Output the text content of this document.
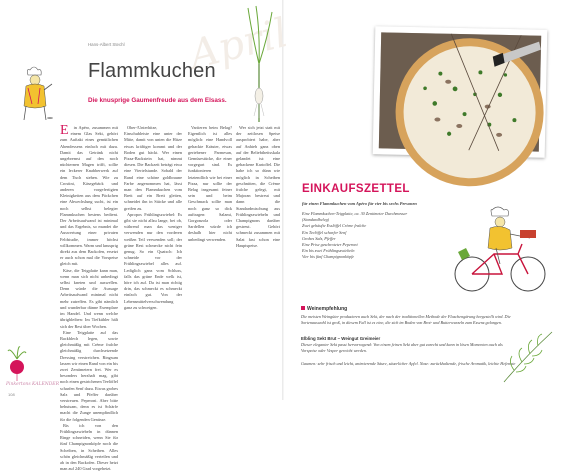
April
Hans-Albert Stechl
Flammkuchen
Die knusprige Gaumenfreude aus dem Elsass.
E	in Apéro, zusammen mit einem Glas Sekt, gehört zum Auftakt eines gemütlichen Abendessens einfach mit dazu. Damit das Getränk nicht ungebremst auf den noch nüchternen Magen trifft, sollte ein leckerer Knabberwerk auf dem Tisch stehen. Wie zu Crostini, Käsegebäck und anderen vorgefertigten Kleinigkeiten aus dem Päckchen eine Abwechslung sucht, ist ein noch selbst belegter Flammkuchen bestens bedient. Der Arbeitsaufwand ist minimal und das Ergebnis, so mundet die Auswertung einer privaten Feldstudie, immer höchst willkommen. Warm und knusprig direkt aus dem Backofen, ersetzt er auch schon mal die Vorspeise gleich mit.

Käse, die Teigplatte kann man, wenn man sich nicht unbedingt selbst kneten und auswellen. Denn würde die Aussage Arbeitsaufwand minimal nicht mehr zutreffen. Es gibt nämlich und wunderbar dünne Exemplare im Handel. Und wenn welche übrigbleiben: Im Tiefkühler hält sich der Rest über Wochen.

Eine Teigplatte auf das Backblech legen, sowie gleichmäßig mit Crème fraîche gleichmäßig durchsetzende Dressing verstreichen. Ringsum lassen wir einen Rand von ein bis zwei Zentimetern frei. Wer es besonders herzhaft mag, gibt noch einen gestrichenen Teelöffel scharfen Senf dazu. Etwas grobes Salz und Pfeffer darüber verstreuen. Peperoni. Aber bitte behutsam, denn es ist Schärfe macht die Zunge unempfindlich für die folgenden Genüsse.

Bis ich von den Frühlingszwiebeln in dünnen Ringe schneiden, wenn Sie für fünf Champignonköpfe noch die Scheiben, in Scheiben. Alles schön gleichmäßig verteilen und ab in den Backofen. Dieser heizt man auf 240 Grad vorgeheizt.

Ober-/Unterhitze, Einschubleiste eine unter der Mitte, damit von unten die Hitze etwas kräftiger kommt und der Boden gut bäckt. Wer einen Pizza-Backstein hat, nimmt diesen. Die Backzeit beträgt etwa eine Viertelstunde. Sobald der Rand eine schöne goldbraune Farbe angenommen hat, lässt man den Flammkuchen vom Brett auf ein Brett gleiten, schneidet ihn in Stücke und alle greifen zu.

Apropos Frühlingszwiebel: Es gibt sie nicht allzu lange, bei ob, während man das weniger verwenden nur den vorderen weißen Teil verwenden soll; der grüne Rest schmecke nicht fein genug. So ein Quatsch: Ich schneide vor der Frühlingszwiebel alles auf. Lediglich ganz vom Schluss, falls das grüne Ende welk ist, höre ich auf. Da ist man richtig drin, das schmeckt es schmeckt einfach gut. Von der Lebensmittelverschwendung ganz zu schweigen.

Variieren beim Belag? Eigentlich ist alles möglich: eine Handvoll gehackte Kräuter, etwas geriebener Parmesan, Gemüsestücke, die einer vorgegart sind. Es funktionieren letztendlich wie bei einer Pizza, nur sollte der Belag insgesamt feiner sein und beim Geschmack sollte man noch ganz so dick auftragen: Salami, Gorgonzola oder Sardellen würde ich deshalb hier nicht unbedingt verwenden.

Wer sich jetzt statt mit der zeitlosen Speise ausprobiert habe, aber auf Anhieb ganz oben auf der Beliebtheitsskala gelandet ist: eine gebackene Kartoffel. Die habe ich so dünn wie möglich in Scheiben geschnitten, die Crème fraîche gelegt, mit Majoran bestreut und dann die Standardmischung aus Frühlingszwiebeln und Champignons darüber gestreut. Gehört schmeckt zusammen mit Salat fast schon eine Hauptspeise.

Pinkertons KALENDER
108
EINKAUFSZETTEL
für einen Flammkuchen vom Apéro für vier bis sechs Personen
Eine Flammkuchen-Teigplatte, ca. 30 Zentimeter Durchmesser
(Standardbeleg)
Zwei gehäufte Esslöffel Crème fraîche
Ein Teelöffel scharfer Senf
Grobes Salz, Pfeffer
Eine Prise geschroteter Peperoni
Ein bis zwei Frühlingszwiebeln
Vier bis fünf Champignonköpfe
Weinempfehlung
Die meisten Weingüter produzieren auch Sekt, der nach der traditionellen Methode der Flaschengärung hergestellt wird. Die Sortenauswahl ist groß, in diesem Fall ist es eine, die sich im Boden von Brot- und Butterwurzeln zum Essenz gelangen.
Elbling Sekt Brut – Weingut Greimeier
Dieser eleganter Sekt passt hervorragend: Von einem feinen Sekt aber gut zurecht und kann in lösen Momenten auch als Vorspeise oder Vesper gereicht werden.
Gaumen: sehr frisch und leicht, animierende Säure, säuerlicher Apfel. Nase: zurückhaltende, frische Aromatik, leichte Hefenote
